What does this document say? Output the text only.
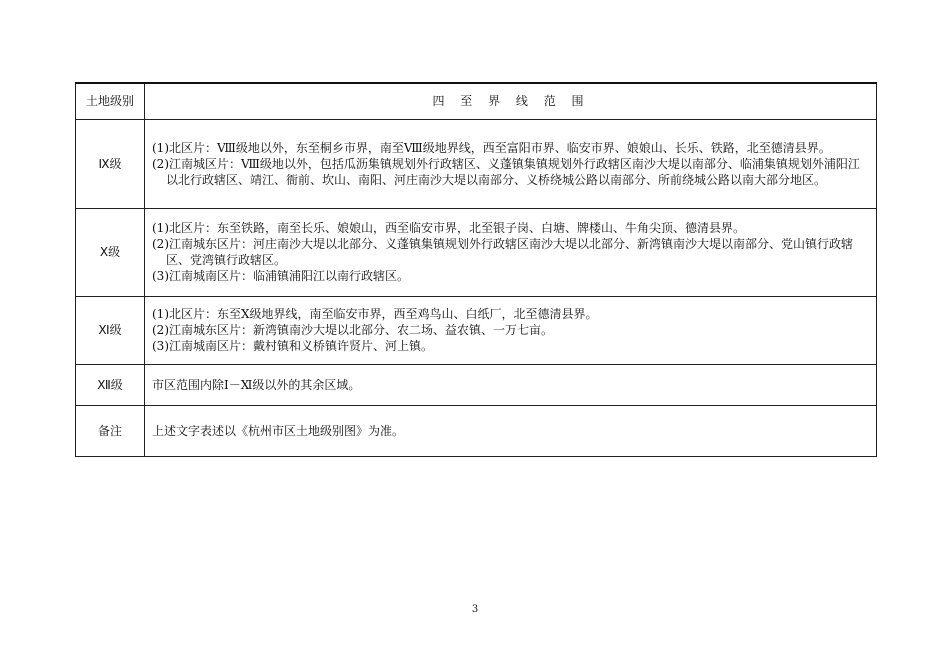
土地级别	四 至 界 线 范 围
Ⅸ级	(1)北区片：Ⅷ级地以外，东至桐乡市界，南至Ⅷ级地界线，西至富阳市界、临安市界、娘娘山、长乐、铁路，北至德清县界。

(2)江南城区片：Ⅷ级地以外，包括瓜沥集镇规划外行政辖区、义蓬镇集镇规划外行政辖区南沙大堤以南部分、临浦集镇规划外浦阳江以北行政辖区、靖江、衙前、坎山、南阳、河庄南沙大堤以南部分、义桥绕城公路以南部分、所前绕城公路以南大部分地区。

Ⅹ级	(1)北区片：东至铁路，南至长乐、娘娘山，西至临安市界，北至银子岗、白塘、牌楼山、牛角尖顶、德清县界。

(2)江南城东区片：河庄南沙大堤以北部分、义蓬镇集镇规划外行政辖区南沙大堤以北部分、新湾镇南沙大堤以南部分、党山镇行政辖区、党湾镇行政辖区。

(3)江南城南区片：临浦镇浦阳江以南行政辖区。

Ⅺ级	(1)北区片：东至Ⅹ级地界线，南至临安市界，西至鸡鸟山、白纸厂，北至德清县界。

(2)江南城东区片：新湾镇南沙大堤以北部分、农二场、益农镇、一万七亩。

(3)江南城南区片：戴村镇和义桥镇许贤片、河上镇。

Ⅻ级	市区范围内除Ⅰ－Ⅺ级以外的其余区域。

备注	上述文字表述以《杭州市区土地级别图》为准。

3
